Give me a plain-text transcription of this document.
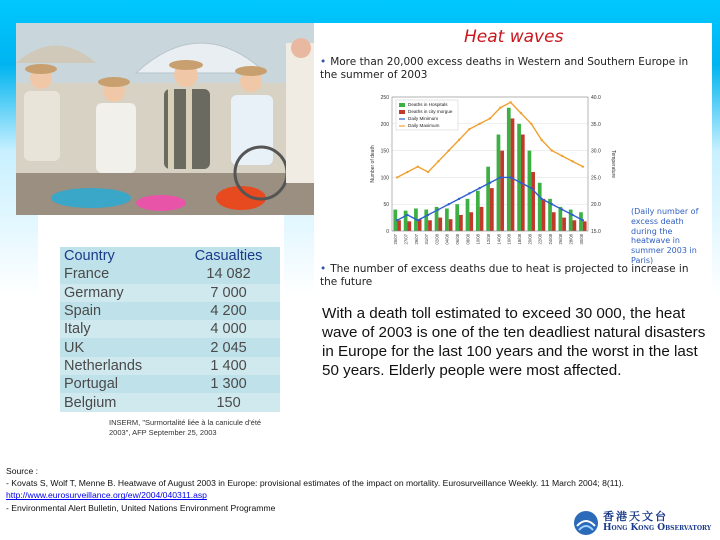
Country	Casualties
France	14 082
Germany	7 000
Spain	4 200
Italy	4 000
UK	2 045
Netherlands	1 400
Portugal	1 300
Belgium	150
INSERM, "Surmortalité liée à la canicule d'été 2003", AFP September 25, 2003
Heat waves
• More than 20,000 excess deaths in Western and Southern Europe in the summer of 2003
0
50
100
150
200
250
15.0
20.0
25.0
30.0
35.0
40.0
Number of death	Temperature
25/07 27/07 29/07 31/07 02/08 04/08 06/08 08/08 10/08 12/08 14/08 16/08 18/08 20/08 22/08 24/08 26/08 28/08 30/08
Deaths in Hospitals
Deaths in city morgue
Daily Minimum
Daily Maximum
(Daily number of excess death during the heatwave in summer 2003 in Paris)
• The number of excess deaths due to heat is projected to increase in the future
With a death toll estimated to exceed 30 000, the heat wave of 2003 is one of the ten deadliest natural disasters in Europe for the last 100 years and the worst in the last 50 years. Elderly people were most affected.
Source :
- Kovats S, Wolf T, Menne B. Heatwave of August 2003 in Europe: provisional estimates of the impact on mortality. Eurosurveillance Weekly. 11 March 2004; 8(11). http://www.eurosurveillance.org/ew/2004/040311.asp
- Environmental Alert Bulletin, United Nations Environment Programme
香港天文台
Hong Kong Observatory
